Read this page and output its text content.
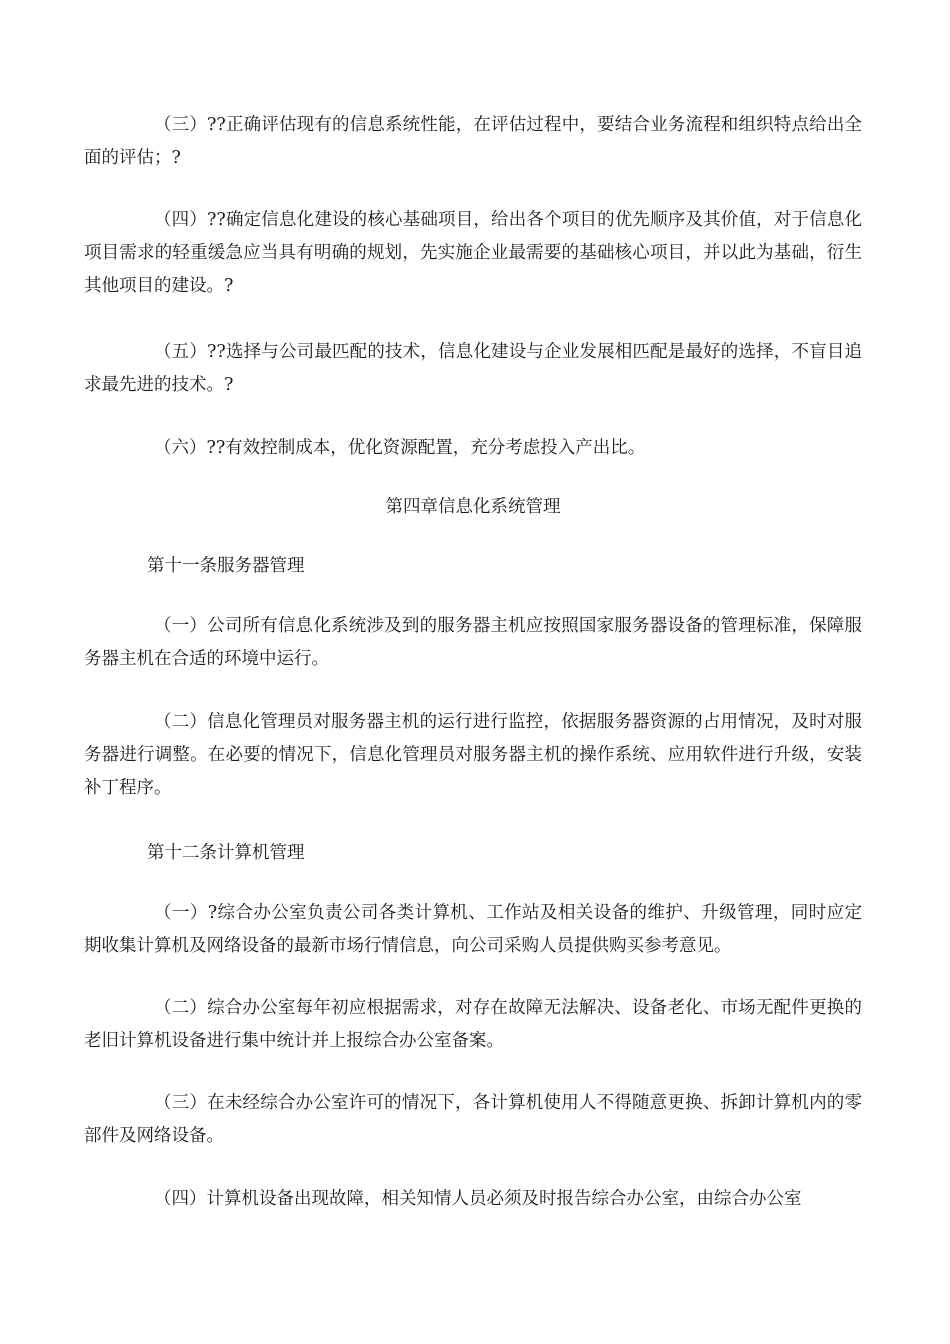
（三）??正确评估现有的信息系统性能，在评估过程中，要结合业务流程和组织特点给出全面的评估；?

（四）??确定信息化建设的核心基础项目，给出各个项目的优先顺序及其价值，对于信息化项目需求的轻重缓急应当具有明确的规划，先实施企业最需要的基础核心项目，并以此为基础，衍生其他项目的建设。?

（五）??选择与公司最匹配的技术，信息化建设与企业发展相匹配是最好的选择，不盲目追求最先进的技术。?

（六）??有效控制成本，优化资源配置，充分考虑投入产出比。

第四章信息化系统管理

第十一条服务器管理

（一）公司所有信息化系统涉及到的服务器主机应按照国家服务器设备的管理标准，保障服务器主机在合适的环境中运行。

（二）信息化管理员对服务器主机的运行进行监控，依据服务器资源的占用情况，及时对服务器进行调整。在必要的情况下，信息化管理员对服务器主机的操作系统、应用软件进行升级，安装补丁程序。

第十二条计算机管理

（一）?综合办公室负责公司各类计算机、工作站及相关设备的维护、升级管理，同时应定期收集计算机及网络设备的最新市场行情信息，向公司采购人员提供购买参考意见。

（二）综合办公室每年初应根据需求，对存在故障无法解决、设备老化、市场无配件更换的老旧计算机设备进行集中统计并上报综合办公室备案。

（三）在未经综合办公室许可的情况下，各计算机使用人不得随意更换、拆卸计算机内的零部件及网络设备。

（四）计算机设备出现故障，相关知情人员必须及时报告综合办公室，由综合办公室
